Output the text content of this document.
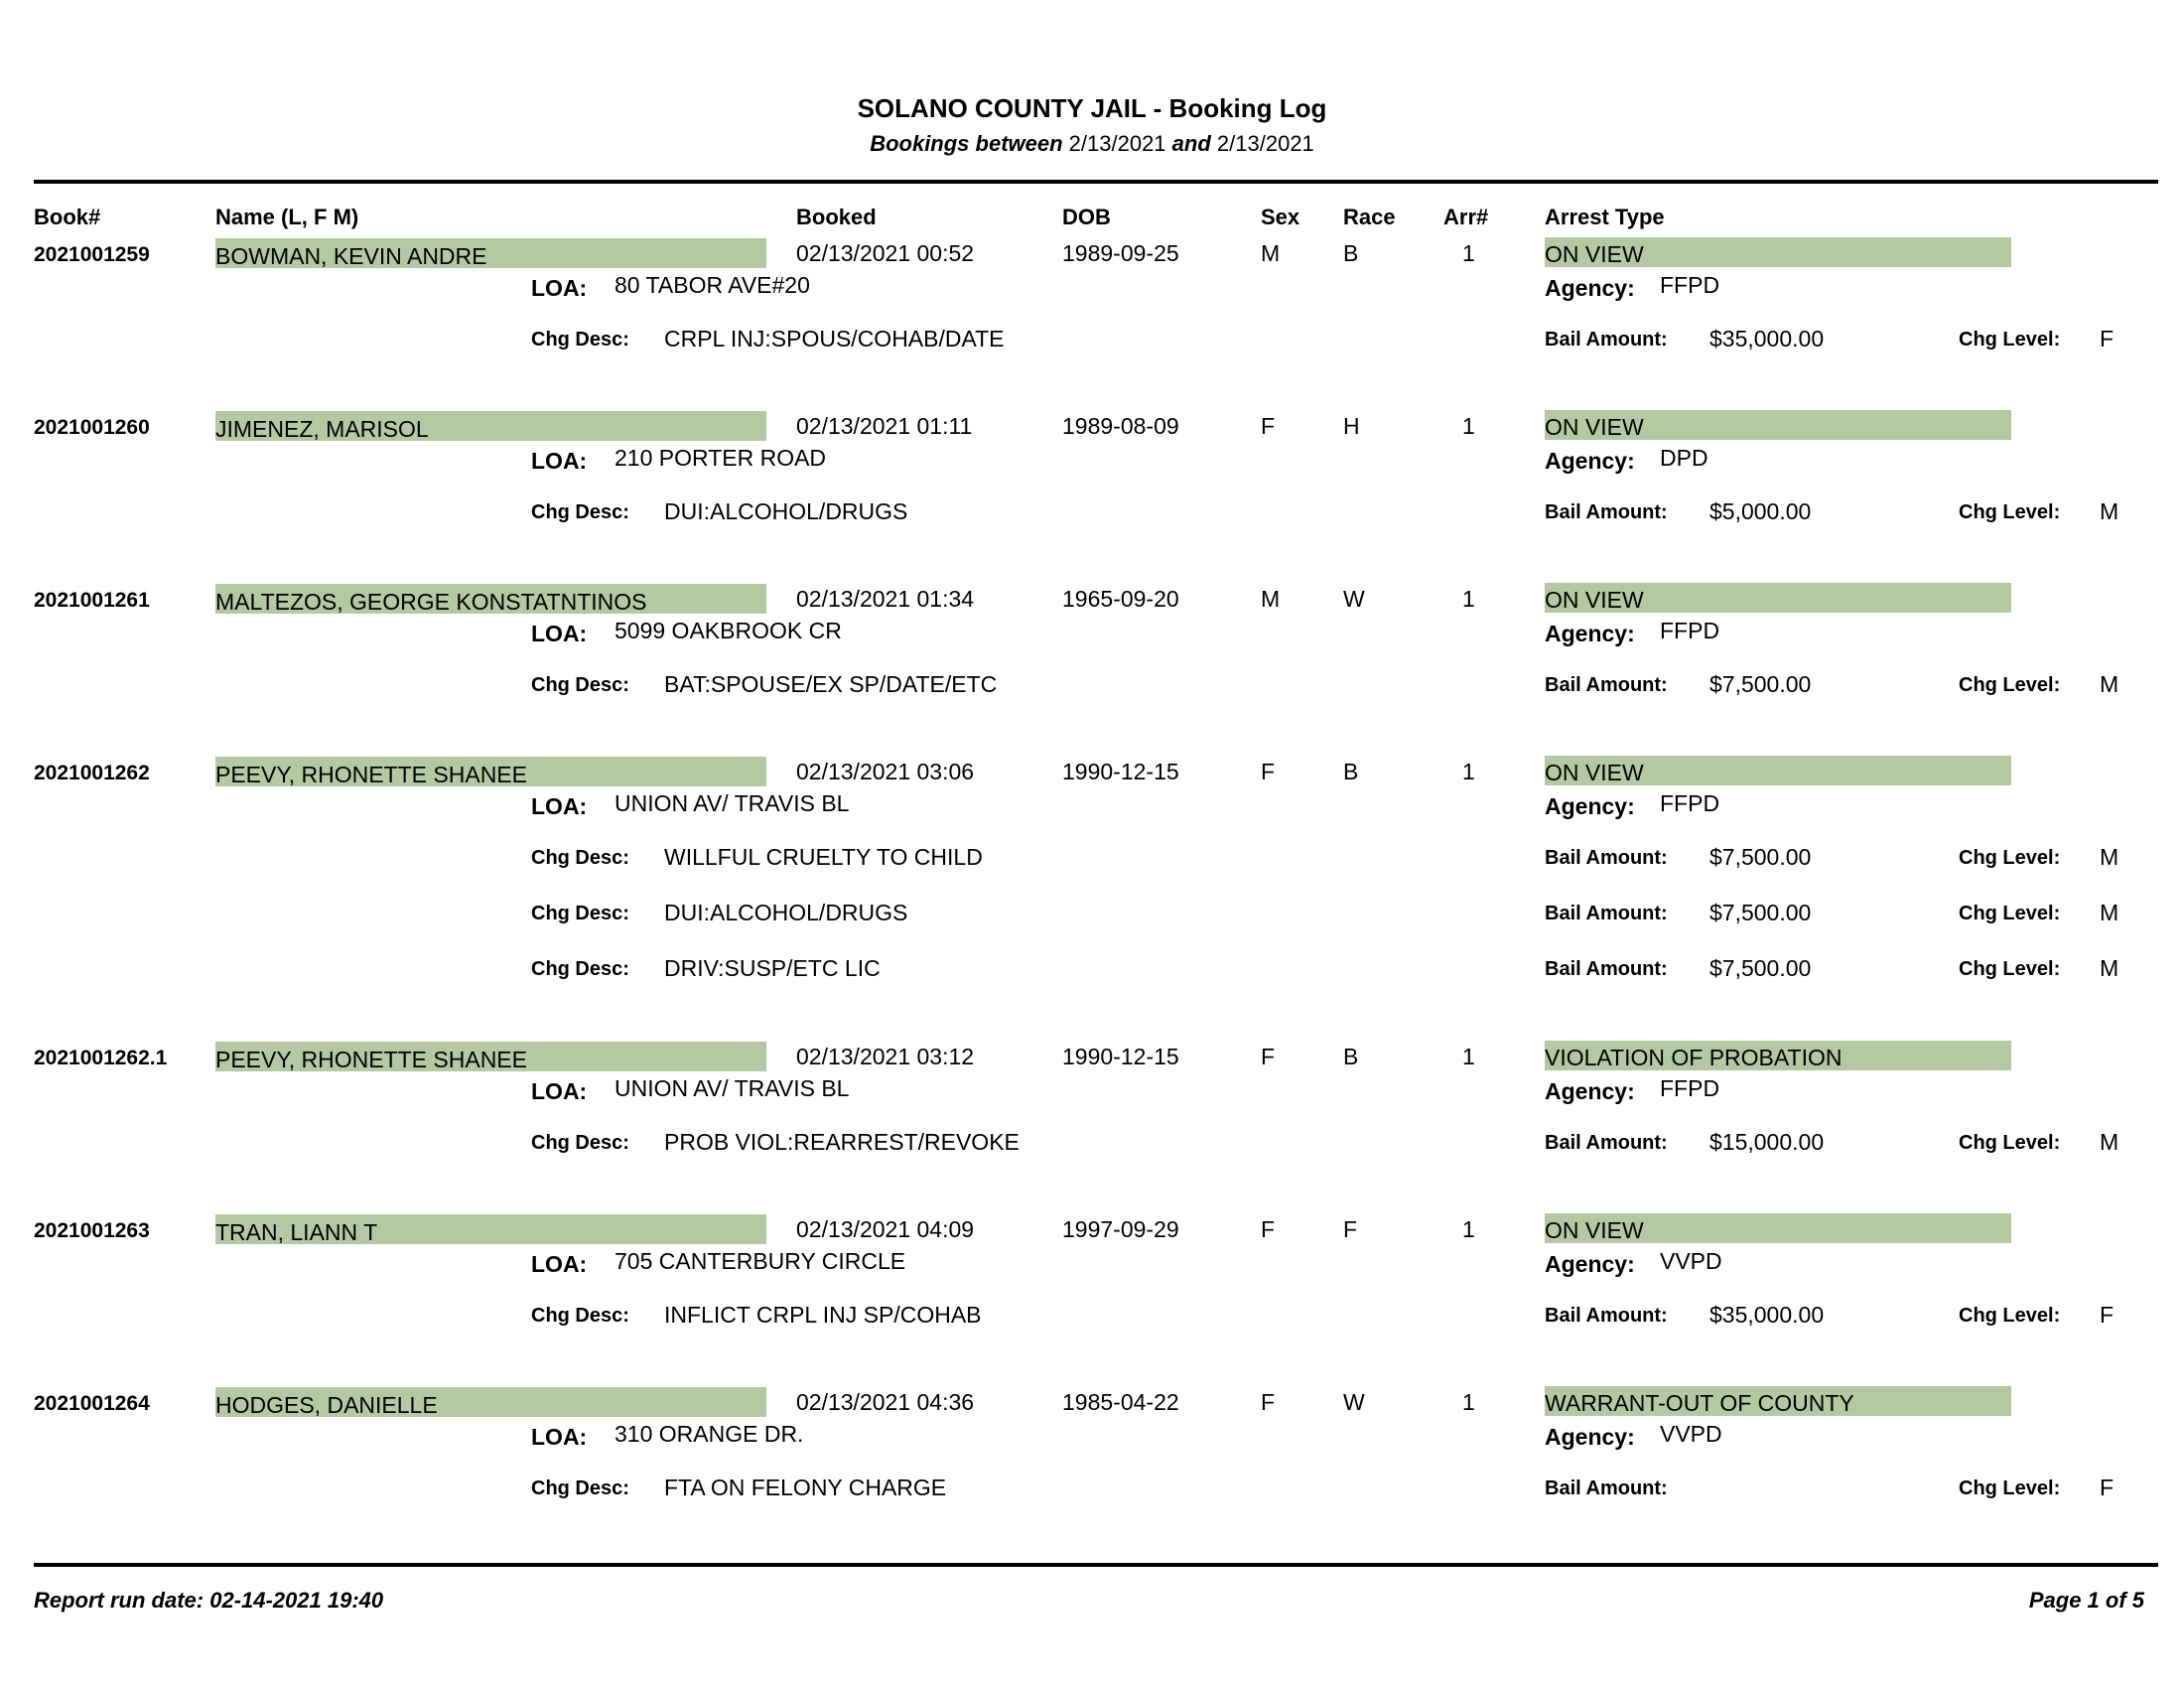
SOLANO COUNTY JAIL - Booking Log
Bookings between 2/13/2021 and 2/13/2021
Book#	Name (L, F M)	Booked	DOB	Sex Race Arr#	Arrest Type
2021001259	BOWMAN, KEVIN ANDRE	02/13/2021 00:52	1989-09-25	M	B	1	ON VIEW
LOA: 80 TABOR AVE#20	Agency: FFPD
Chg Desc: CRPL INJ:SPOUS/COHAB/DATE	Bail Amount: $35,000.00	Chg Level: F
2021001260	JIMENEZ, MARISOL	02/13/2021 01:11	1989-08-09	F	H	1	ON VIEW
LOA: 210 PORTER ROAD	Agency: DPD
Chg Desc: DUI:ALCOHOL/DRUGS	Bail Amount: $5,000.00	Chg Level: M
2021001261	MALTEZOS, GEORGE KONSTATNTINOS	02/13/2021 01:34	1965-09-20	M	W	1	ON VIEW
LOA: 5099 OAKBROOK CR	Agency: FFPD
Chg Desc: BAT:SPOUSE/EX SP/DATE/ETC	Bail Amount: $7,500.00	Chg Level: M
2021001262	PEEVY, RHONETTE SHANEE	02/13/2021 03:06	1990-12-15	F	B	1	ON VIEW
LOA: UNION AV/ TRAVIS BL	Agency: FFPD
Chg Desc: WILLFUL CRUELTY TO CHILD	Bail Amount: $7,500.00	Chg Level: M
Chg Desc: DUI:ALCOHOL/DRUGS	Bail Amount: $7,500.00	Chg Level: M
Chg Desc: DRIV:SUSP/ETC LIC	Bail Amount: $7,500.00	Chg Level: M
2021001262.1 PEEVY, RHONETTE SHANEE	02/13/2021 03:12	1990-12-15	F	B	1	VIOLATION OF PROBATION
LOA: UNION AV/ TRAVIS BL	Agency: FFPD
Chg Desc: PROB VIOL:REARREST/REVOKE	Bail Amount: $15,000.00	Chg Level: M
2021001263	TRAN, LIANN T	02/13/2021 04:09	1997-09-29	F	F	1	ON VIEW
LOA: 705 CANTERBURY CIRCLE	Agency: VVPD
Chg Desc: INFLICT CRPL INJ SP/COHAB	Bail Amount: $35,000.00	Chg Level: F
2021001264	HODGES, DANIELLE	02/13/2021 04:36	1985-04-22	F	W	1	WARRANT-OUT OF COUNTY
LOA: 310 ORANGE DR.	Agency: VVPD
Chg Desc: FTA ON FELONY CHARGE	Bail Amount:	Chg Level: F
Report run date: 02-14-2021 19:40	Page 1 of 5
